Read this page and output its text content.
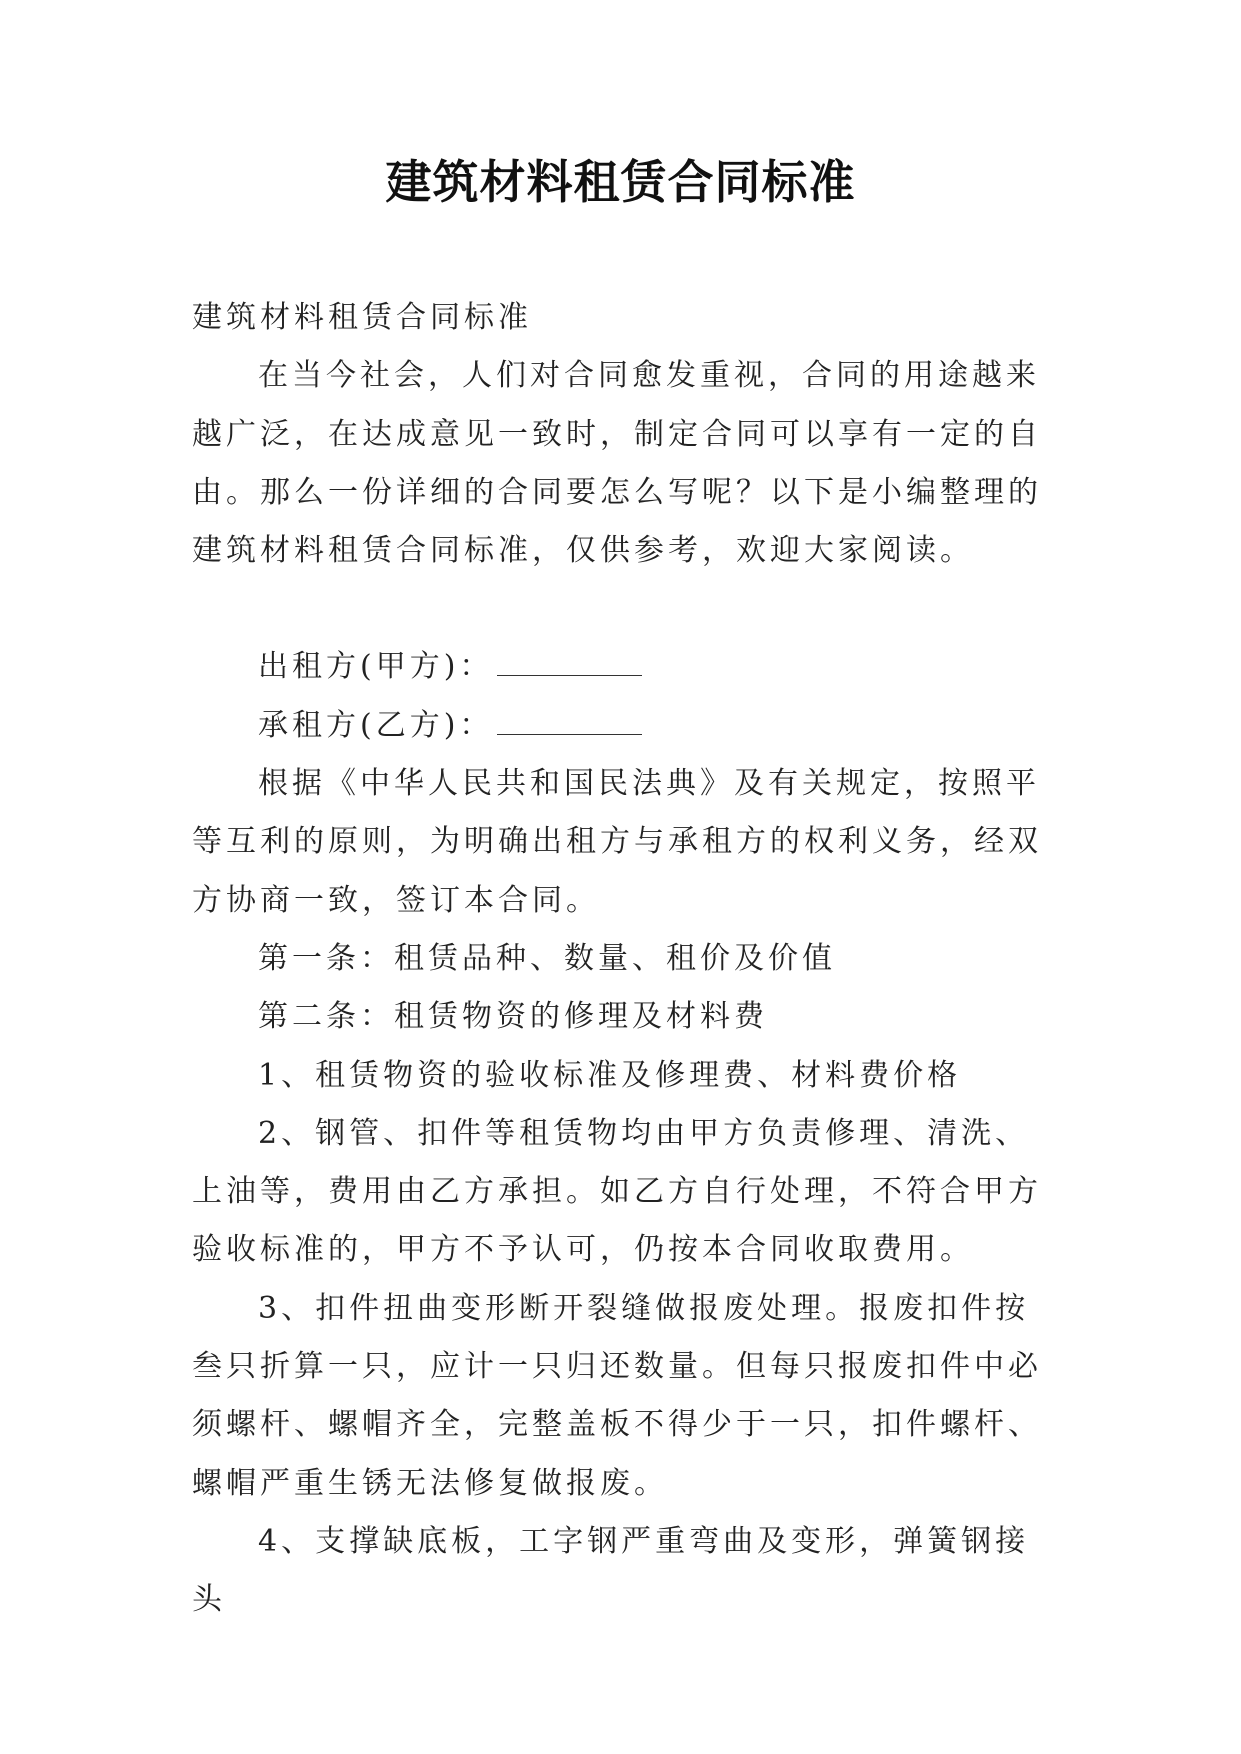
建筑材料租赁合同标准

建筑材料租赁合同标准

在当今社会，人们对合同愈发重视，合同的用途越来越广泛，在达成意见一致时，制定合同可以享有一定的自由。那么一份详细的合同要怎么写呢？以下是小编整理的建筑材料租赁合同标准，仅供参考，欢迎大家阅读。

出租方(甲方)：

承租方(乙方)：

根据《中华人民共和国民法典》及有关规定，按照平等互利的原则，为明确出租方与承租方的权利义务，经双方协商一致，签订本合同。

第一条：租赁品种、数量、租价及价值

第二条：租赁物资的修理及材料费

1、租赁物资的验收标准及修理费、材料费价格

2、钢管、扣件等租赁物均由甲方负责修理、清洗、上油等，费用由乙方承担。如乙方自行处理，不符合甲方验收标准的，甲方不予认可，仍按本合同收取费用。

3、扣件扭曲变形断开裂缝做报废处理。报废扣件按叁只折算一只，应计一只归还数量。但每只报废扣件中必须螺杆、螺帽齐全，完整盖板不得少于一只，扣件螺杆、螺帽严重生锈无法修复做报废。

4、支撑缺底板，工字钢严重弯曲及变形，弹簧钢接头
